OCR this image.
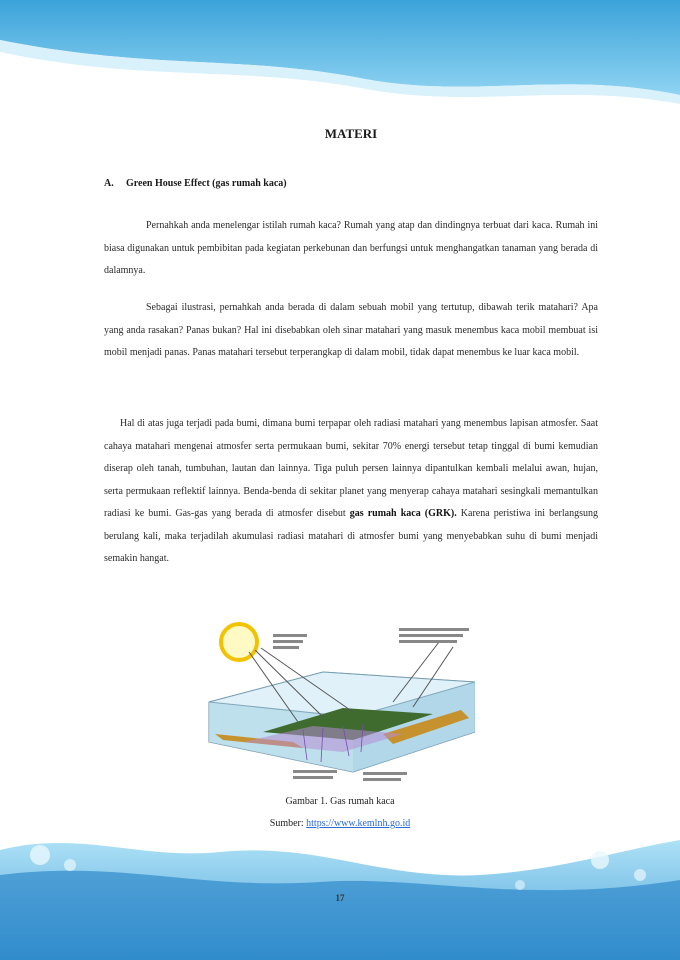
MATERI
A. Green House Effect (gas rumah kaca)

Pernahkah anda menelengar istilah rumah kaca? Rumah yang atap dan dindingnya terbuat dari kaca. Rumah ini biasa digunakan untuk pembibitan pada kegiatan perkebunan dan berfungsi untuk menghangatkan tanaman yang berada di dalamnya.

Sebagai ilustrasi, pernahkah anda berada di dalam sebuah mobil yang tertutup, dibawah terik matahari? Apa yang anda rasakan? Panas bukan? Hal ini disebabkan oleh sinar matahari yang masuk menembus kaca mobil membuat isi mobil menjadi panas. Panas matahari tersebut terperangkap di dalam mobil, tidak dapat menembus ke luar kaca mobil.

Hal di atas juga terjadi pada bumi, dimana bumi terpapar oleh radiasi matahari yang menembus lapisan atmosfer. Saat cahaya matahari mengenai atmosfer serta permukaan bumi, sekitar 70% energi tersebut tetap tinggal di bumi kemudian diserap oleh tanah, tumbuhan, lautan dan lainnya. Tiga puluh persen lainnya dipantulkan kembali melalui awan, hujan, serta permukaan reflektif lainnya. Benda-benda di sekitar planet yang menyerap cahaya matahari sesingkali memantulkan radiasi ke bumi. Gas-gas yang berada di atmosfer disebut gas rumah kaca (GRK). Karena peristiwa ini berlangsung berulang kali, maka terjadilah akumulasi radiasi matahari di atmosfer bumi yang menyebabkan suhu di bumi menjadi semakin hangat.

Gambar 1. Gas rumah kaca
Sumber: https://www.kemlnh.go.id
17
